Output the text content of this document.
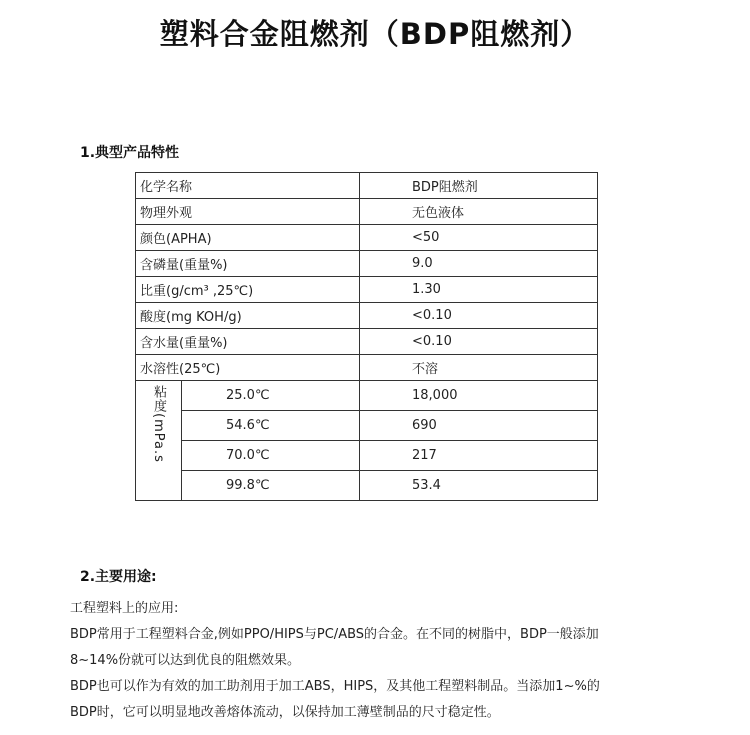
塑料合金阻燃剂（BDP阻燃剂）
1.典型产品特性
化学名称		BDP阻燃剂
物理外观		无色液体
颜色(APHA)		<50
含磷量(重量%)		9.0
比重(g/cm³ ,25℃)		1.30
酸度(mg KOH/g)		<0.10
含水量(重量%)		<0.10
水溶性(25℃)		不溶
粘度(mPa.s	25.0℃	18,000
	54.6℃	690
	70.0℃	217
	99.8℃	53.4
2.主要用途:

工程塑料上的应用:

BDP常用于工程塑料合金,例如PPO/HIPS与PC/ABS的合金。在不同的树脂中，BDP一般添加

8~14%份就可以达到优良的阻燃效果。

BDP也可以作为有效的加工助剂用于加工ABS，HIPS，及其他工程塑料制品。当添加1~%的

BDP时，它可以明显地改善熔体流动，以保持加工薄壁制品的尺寸稳定性。
